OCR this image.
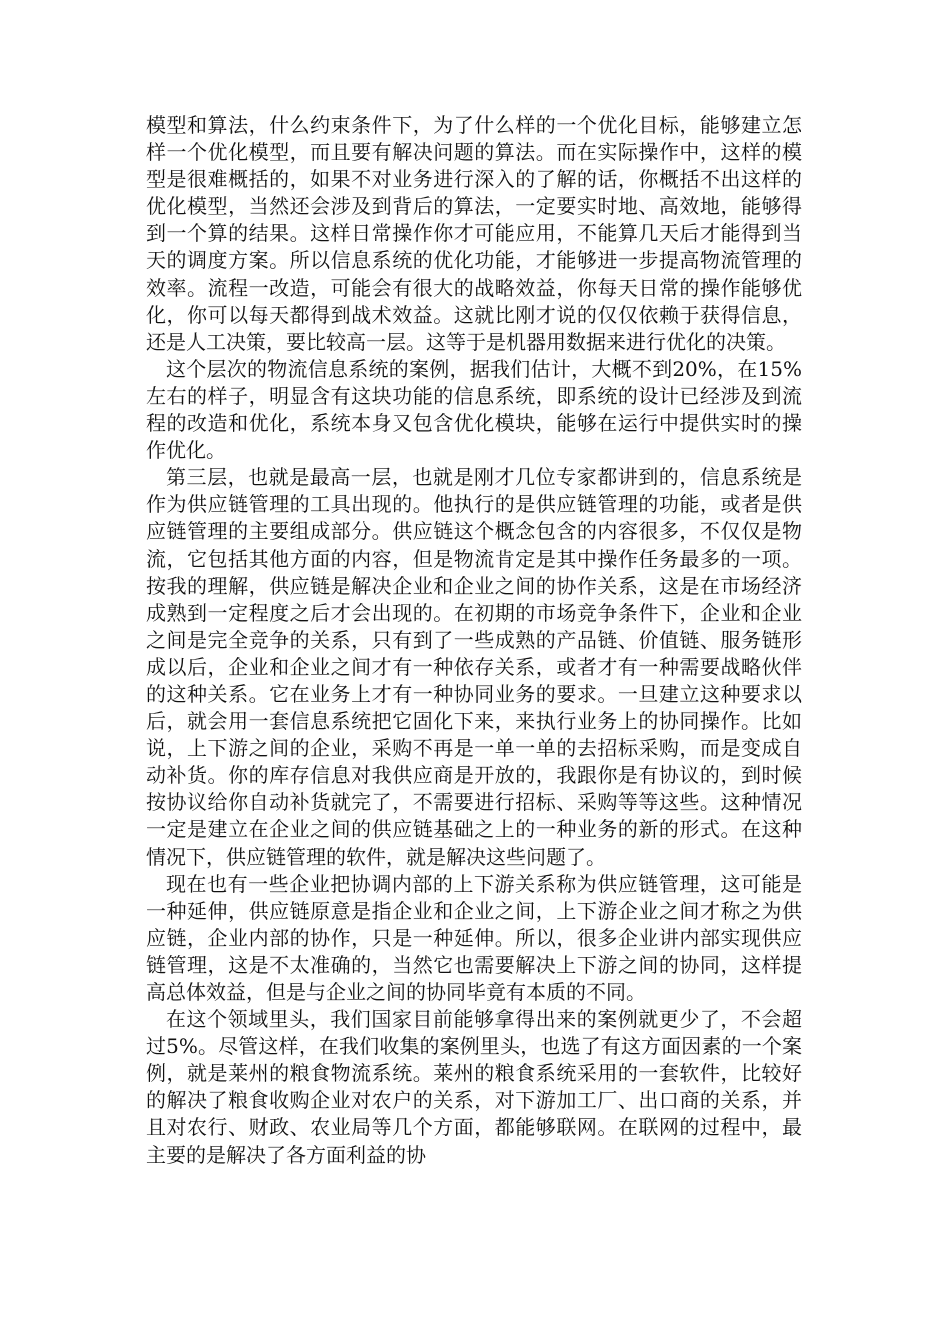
模型和算法，什么约束条件下，为了什么样的一个优化目标，能够建立怎样一个优化模型，而且要有解决问题的算法。而在实际操作中，这样的模型是很难概括的，如果不对业务进行深入的了解的话，你概括不出这样的优化模型，当然还会涉及到背后的算法，一定要实时地、高效地，能够得到一个算的结果。这样日常操作你才可能应用，不能算几天后才能得到当天的调度方案。所以信息系统的优化功能，才能够进一步提高物流管理的效率。流程一改造，可能会有很大的战略效益，你每天日常的操作能够优化，你可以每天都得到战术效益。这就比刚才说的仅仅依赖于获得信息，还是人工决策，要比较高一层。这等于是机器用数据来进行优化的决策。

这个层次的物流信息系统的案例，据我们估计，大概不到20%，在15%左右的样子，明显含有这块功能的信息系统，即系统的设计已经涉及到流程的改造和优化，系统本身又包含优化模块，能够在运行中提供实时的操作优化。

第三层，也就是最高一层，也就是刚才几位专家都讲到的，信息系统是作为供应链管理的工具出现的。他执行的是供应链管理的功能，或者是供应链管理的主要组成部分。供应链这个概念包含的内容很多，不仅仅是物流，它包括其他方面的内容，但是物流肯定是其中操作任务最多的一项。按我的理解，供应链是解决企业和企业之间的协作关系，这是在市场经济成熟到一定程度之后才会出现的。在初期的市场竞争条件下，企业和企业之间是完全竞争的关系，只有到了一些成熟的产品链、价值链、服务链形成以后，企业和企业之间才有一种依存关系，或者才有一种需要战略伙伴的这种关系。它在业务上才有一种协同业务的要求。一旦建立这种要求以后，就会用一套信息系统把它固化下来，来执行业务上的协同操作。比如说，上下游之间的企业，采购不再是一单一单的去招标采购，而是变成自动补货。你的库存信息对我供应商是开放的，我跟你是有协议的，到时候按协议给你自动补货就完了，不需要进行招标、采购等等这些。这种情况一定是建立在企业之间的供应链基础之上的一种业务的新的形式。在这种情况下，供应链管理的软件，就是解决这些问题了。

现在也有一些企业把协调内部的上下游关系称为供应链管理，这可能是一种延伸，供应链原意是指企业和企业之间，上下游企业之间才称之为供应链，企业内部的协作，只是一种延伸。所以，很多企业讲内部实现供应链管理，这是不太准确的，当然它也需要解决上下游之间的协同，这样提高总体效益，但是与企业之间的协同毕竟有本质的不同。

在这个领域里头，我们国家目前能够拿得出来的案例就更少了，不会超过5%。尽管这样，在我们收集的案例里头，也选了有这方面因素的一个案例，就是莱州的粮食物流系统。莱州的粮食系统采用的一套软件，比较好的解决了粮食收购企业对农户的关系，对下游加工厂、出口商的关系，并且对农行、财政、农业局等几个方面，都能够联网。在联网的过程中，最主要的是解决了各方面利益的协
